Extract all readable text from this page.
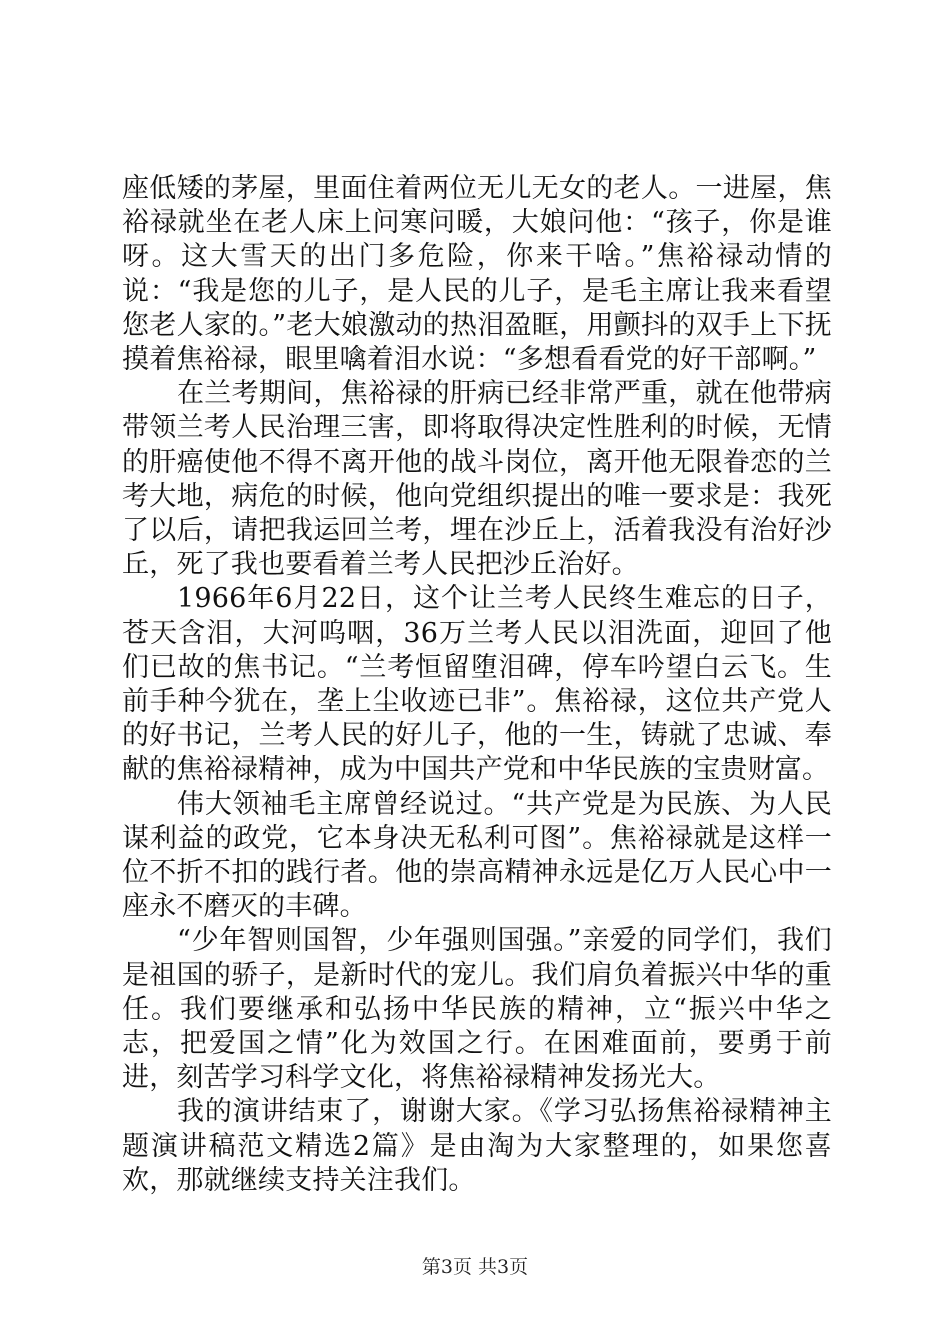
座低矮的茅屋，里面住着两位无儿无女的老人。一进屋，焦裕禄就坐在老人床上问寒问暖，大娘问他：“孩子，你是谁呀。这大雪天的出门多危险，你来干啥。”焦裕禄动情的说：“我是您的儿子，是人民的儿子，是毛主席让我来看望您老人家的。”老大娘激动的热泪盈眶，用颤抖的双手上下抚摸着焦裕禄，眼里噙着泪水说：“多想看看党的好干部啊。”

在兰考期间，焦裕禄的肝病已经非常严重，就在他带病带领兰考人民治理三害，即将取得决定性胜利的时候，无情的肝癌使他不得不离开他的战斗岗位，离开他无限眷恋的兰考大地，病危的时候，他向党组织提出的唯一要求是：我死了以后，请把我运回兰考，埋在沙丘上，活着我没有治好沙丘，死了我也要看着兰考人民把沙丘治好。

1966年6月22日，这个让兰考人民终生难忘的日子，苍天含泪，大河呜咽，36万兰考人民以泪洗面，迎回了他们已故的焦书记。“兰考恒留堕泪碑，停车吟望白云飞。生前手种今犹在，垄上尘收迹已非”。焦裕禄，这位共产党人的好书记，兰考人民的好儿子，他的一生，铸就了忠诚、奉献的焦裕禄精神，成为中国共产党和中华民族的宝贵财富。

伟大领袖毛主席曾经说过。“共产党是为民族、为人民谋利益的政党，它本身决无私利可图”。焦裕禄就是这样一位不折不扣的践行者。他的崇高精神永远是亿万人民心中一座永不磨灭的丰碑。

“少年智则国智，少年强则国强。”亲爱的同学们，我们是祖国的骄子，是新时代的宠儿。我们肩负着振兴中华的重任。我们要继承和弘扬中华民族的精神，立“振兴中华之志，把爱国之情”化为效国之行。在困难面前，要勇于前进，刻苦学习科学文化，将焦裕禄精神发扬光大。

我的演讲结束了，谢谢大家。《学习弘扬焦裕禄精神主题演讲稿范文精选2篇》是由淘为大家整理的，如果您喜欢，那就继续支持关注我们。

第3页 共3页
